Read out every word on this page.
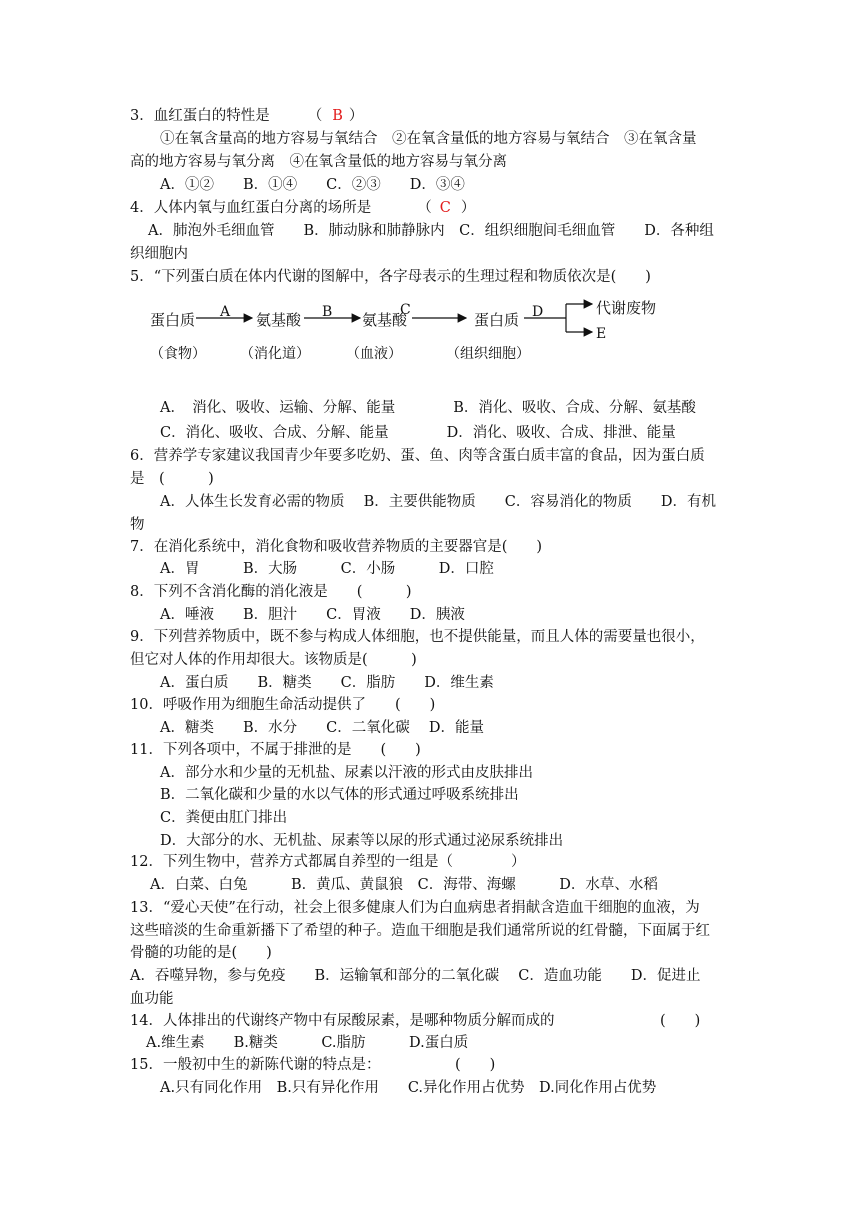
3．血红蛋白的特性是	（ B ）
①在氧含量高的地方容易与氧结合　②在氧含量低的地方容易与氧结合　③在氧含量
高的地方容易与氧分离　④在氧含量低的地方容易与氧分离
A．①②　　B．①④　　C．②③　　D．③④
4．人体内氧与血红蛋白分离的场所是	（ C ）
A．肺泡外毛细血管　　B．肺动脉和肺静脉内　C．组织细胞间毛细血管　　D．各种组
织细胞内
5．“下列蛋白质在体内代谢的图解中，各字母表示的生理过程和物质依次是(　　)
蛋白质 A 氨基酸 B 氨基酸
C
蛋白质 D	代谢废物
E
（食物） （消化道）	（血液）	（组织细胞）
A．　消化、吸收、运输、分解、能量　　　　B．消化、吸收、合成、分解、氨基酸
C．消化、吸收、合成、分解、能量　　　　D．消化、吸收、合成、排泄、能量
6．营养学专家建议我国青少年要多吃奶、蛋、鱼、肉等含蛋白质丰富的食品，因为蛋白质
是　(　　　)
A．人体生长发育必需的物质　 B．主要供能物质　　C．容易消化的物质　　D．有机
物
7．在消化系统中，消化食物和吸收营养物质的主要器官是(　　)
A．胃　　　B．大肠　　　C．小肠　　　D．口腔
8．下列不含消化酶的消化液是　　(　　　)
A．唾液　　B．胆汁　　C．胃液　　D．胰液
9．下列营养物质中，既不参与构成人体细胞，也不提供能量，而且人体的需要量也很小，
但它对人体的作用却很大。该物质是(　　　)
A．蛋白质　　B．糖类　　C．脂肪　　D．维生素
10．呼吸作用为细胞生命活动提供了　　(　　)
A．糖类　　B．水分　　C．二氧化碳　 D．能量
11．下列各项中，不属于排泄的是　　(　　)
A．部分水和少量的无机盐、尿素以汗液的形式由皮肤排出
B．二氧化碳和少量的水以气体的形式通过呼吸系统排出
C．粪便由肛门排出
D．大部分的水、无机盐、尿素等以尿的形式通过泌尿系统排出
12．下列生物中，营养方式都属自养型的一组是（　　　　）
A．白菜、白兔　　　B．黄瓜、黄鼠狼　C．海带、海螺　　　D．水草、水稻
13．“爱心天使”在行动，社会上很多健康人们为白血病患者捐献含造血干细胞的血液，为
这些暗淡的生命重新播下了希望的种子。造血干细胞是我们通常所说的红骨髓，下面属于红
骨髓的功能的是(　　)
A．吞噬异物，参与免疫　　B．运输氧和部分的二氧化碳　 C．造血功能　　D．促进止
血功能
14．人体排出的代谢终产物中有尿酸尿素，是哪种物质分解而成的	(　　)
A.维生素　　B.糖类　　　C.脂肪　　　D.蛋白质
15．一般初中生的新陈代谢的特点是：	(　　)
A.只有同化作用　B.只有异化作用　　C.异化作用占优势　D.同化作用占优势
